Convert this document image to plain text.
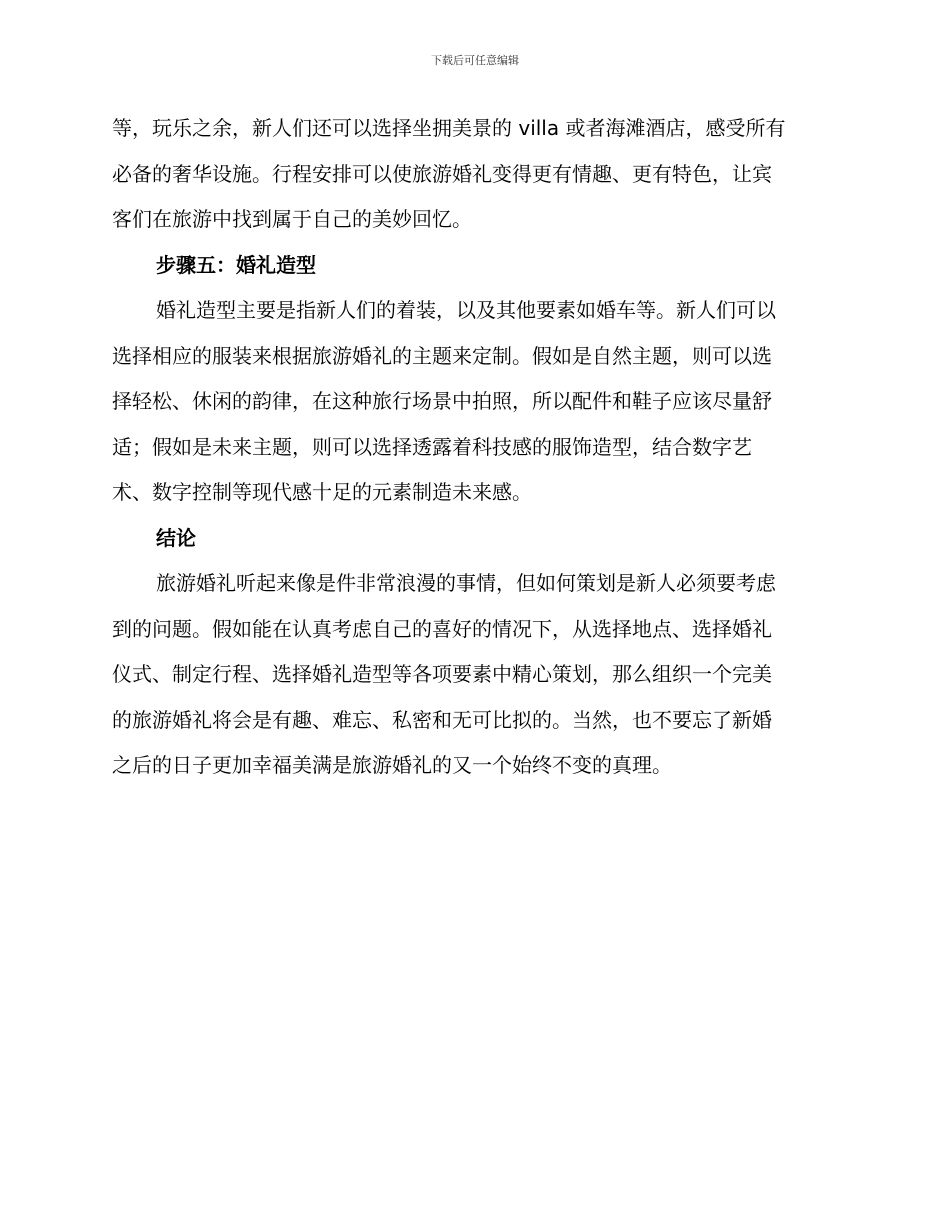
下载后可任意编辑

等，玩乐之余，新人们还可以选择坐拥美景的 villa 或者海滩酒店，感受所有
必备的奢华设施。行程安排可以使旅游婚礼变得更有情趣、更有特色，让宾
客们在旅游中找到属于自己的美妙回忆。

步骤五：婚礼造型

婚礼造型主要是指新人们的着装，以及其他要素如婚车等。新人们可以
选择相应的服装来根据旅游婚礼的主题来定制。假如是自然主题，则可以选
择轻松、休闲的韵律，在这种旅行场景中拍照，所以配件和鞋子应该尽量舒
适；假如是未来主题，则可以选择透露着科技感的服饰造型，结合数字艺
术、数字控制等现代感十足的元素制造未来感。

结论

旅游婚礼听起来像是件非常浪漫的事情，但如何策划是新人必须要考虑
到的问题。假如能在认真考虑自己的喜好的情况下，从选择地点、选择婚礼
仪式、制定行程、选择婚礼造型等各项要素中精心策划，那么组织一个完美
的旅游婚礼将会是有趣、难忘、私密和无可比拟的。当然，也不要忘了新婚
之后的日子更加幸福美满是旅游婚礼的又一个始终不变的真理。
